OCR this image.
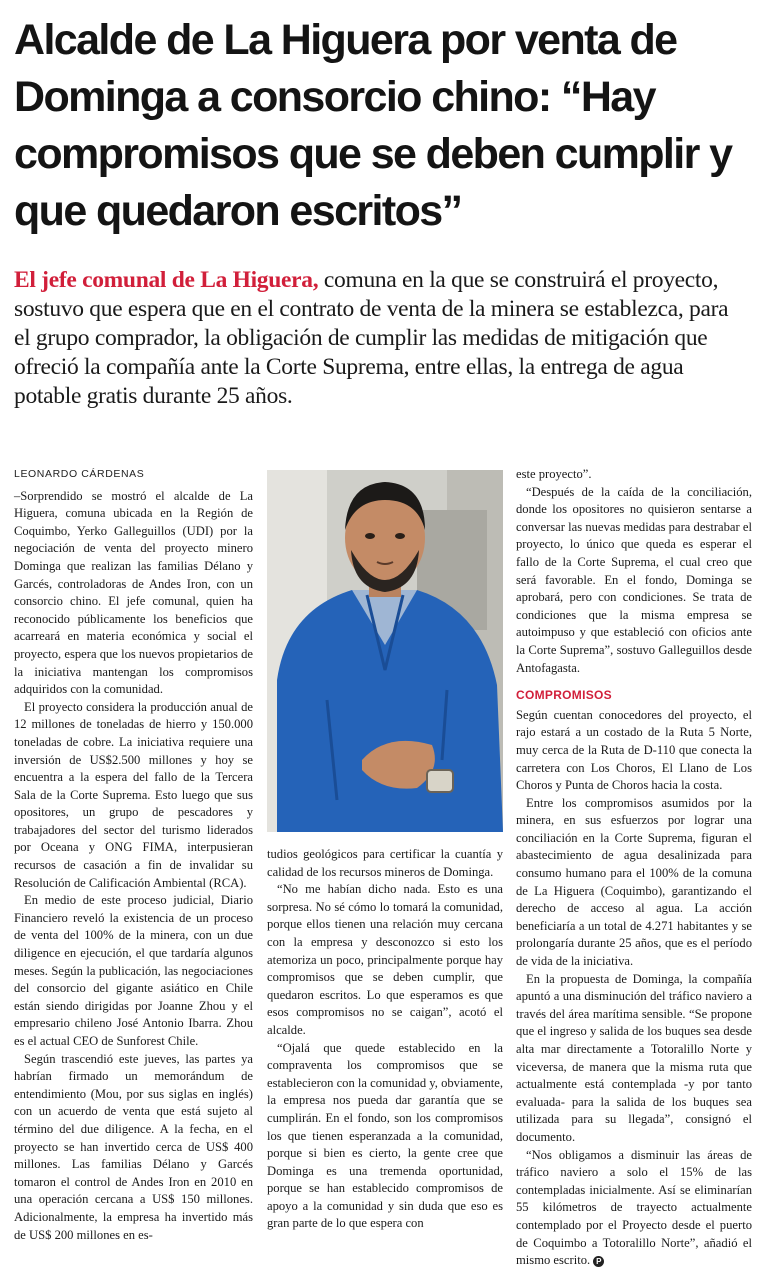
Alcalde de La Higuera por venta de Dominga a consorcio chino: “Hay compromisos que se deben cumplir y que quedaron escritos”

El jefe comunal de La Higuera, comuna en la que se construirá el proyecto, sostuvo que espera que en el contrato de venta de la minera se establezca, para el grupo comprador, la obligación de cumplir las medidas de mitigación que ofreció la compañía ante la Corte Suprema, entre ellas, la entrega de agua potable gratis durante 25 años.

LEONARDO CÁRDENAS

–Sorprendido se mostró el alcalde de La Higuera, comuna ubicada en la Región de Coquimbo, Yerko Galleguillos (UDI) por la negociación de venta del proyecto minero Dominga que realizan las familias Délano y Garcés, controladoras de Andes Iron, con un consorcio chino. El jefe comunal, quien ha reconocido públicamente los beneficios que acarreará en materia económica y social el proyecto, espera que los nuevos propietarios de la iniciativa mantengan los compromisos adquiridos con la comunidad.

El proyecto considera la producción anual de 12 millones de toneladas de hierro y 150.000 toneladas de cobre. La iniciativa requiere una inversión de US$2.500 millones y hoy se encuentra a la espera del fallo de la Tercera Sala de la Corte Suprema. Esto luego que sus opositores, un grupo de pescadores y trabajadores del sector del turismo liderados por Oceana y ONG FIMA, interpusieran recursos de casación a fin de invalidar su Resolución de Calificación Ambiental (RCA).

En medio de este proceso judicial, Diario Financiero reveló la existencia de un proceso de venta del 100% de la minera, con un due diligence en ejecución, el que tardaría algunos meses. Según la publicación, las negociaciones del consorcio del gigante asiático en Chile están siendo dirigidas por Joanne Zhou y el empresario chileno José Antonio Ibarra. Zhou es el actual CEO de Sunforest Chile.

Según trascendió este jueves, las partes ya habrían firmado un memorándum de entendimiento (Mou, por sus siglas en inglés) con un acuerdo de venta que está sujeto al término del due diligence. A la fecha, en el proyecto se han invertido cerca de US$ 400 millones. Las familias Délano y Garcés tomaron el control de Andes Iron en 2010 en una operación cercana a US$ 150 millones. Adicionalmente, la empresa ha invertido más de US$ 200 millones en es-

tudios geológicos para certificar la cuantía y calidad de los recursos mineros de Dominga.

“No me habían dicho nada. Esto es una sorpresa. No sé cómo lo tomará la comunidad, porque ellos tienen una relación muy cercana con la empresa y desconozco si esto los atemoriza un poco, principalmente porque hay compromisos que se deben cumplir, que quedaron escritos. Lo que esperamos es que esos compromisos no se caigan”, acotó el alcalde.

“Ojalá que quede establecido en la compraventa los compromisos que se establecieron con la comunidad y, obviamente, la empresa nos pueda dar garantía que se cumplirán. En el fondo, son los compromisos los que tienen esperanzada a la comunidad, porque si bien es cierto, la gente cree que Dominga es una tremenda oportunidad, porque se han establecido compromisos de apoyo a la comunidad y sin duda que eso es gran parte de lo que espera con

este proyecto”.

“Después de la caída de la conciliación, donde los opositores no quisieron sentarse a conversar las nuevas medidas para destrabar el proyecto, lo único que queda es esperar el fallo de la Corte Suprema, el cual creo que será favorable. En el fondo, Dominga se aprobará, pero con condiciones. Se trata de condiciones que la misma empresa se autoimpuso y que estableció con oficios ante la Corte Suprema”, sostuvo Galleguillos desde Antofagasta.

COMPROMISOS

Según cuentan conocedores del proyecto, el rajo estará a un costado de la Ruta 5 Norte, muy cerca de la Ruta de D-110 que conecta la carretera con Los Choros, El Llano de Los Choros y Punta de Choros hacia la costa.

Entre los compromisos asumidos por la minera, en sus esfuerzos por lograr una conciliación en la Corte Suprema, figuran el abastecimiento de agua desalinizada para consumo humano para el 100% de la comuna de La Higuera (Coquimbo), garantizando el derecho de acceso al agua. La acción beneficiaría a un total de 4.271 habitantes y se prolongaría durante 25 años, que es el período de vida de la iniciativa.

En la propuesta de Dominga, la compañía apuntó a una disminución del tráfico naviero a través del área marítima sensible. “Se propone que el ingreso y salida de los buques sea desde alta mar directamente a Totoralillo Norte y viceversa, de manera que la misma ruta que actualmente está contemplada -y por tanto evaluada- para la salida de los buques sea utilizada para su llegada”, consignó el documento.

“Nos obligamos a disminuir las áreas de tráfico naviero a solo el 15% de las contempladas inicialmente. Así se eliminarían 55 kilómetros de trayecto actualmente contemplado por el Proyecto desde el puerto de Coquimbo a Totoralillo Norte”, añadió el mismo escrito. P
